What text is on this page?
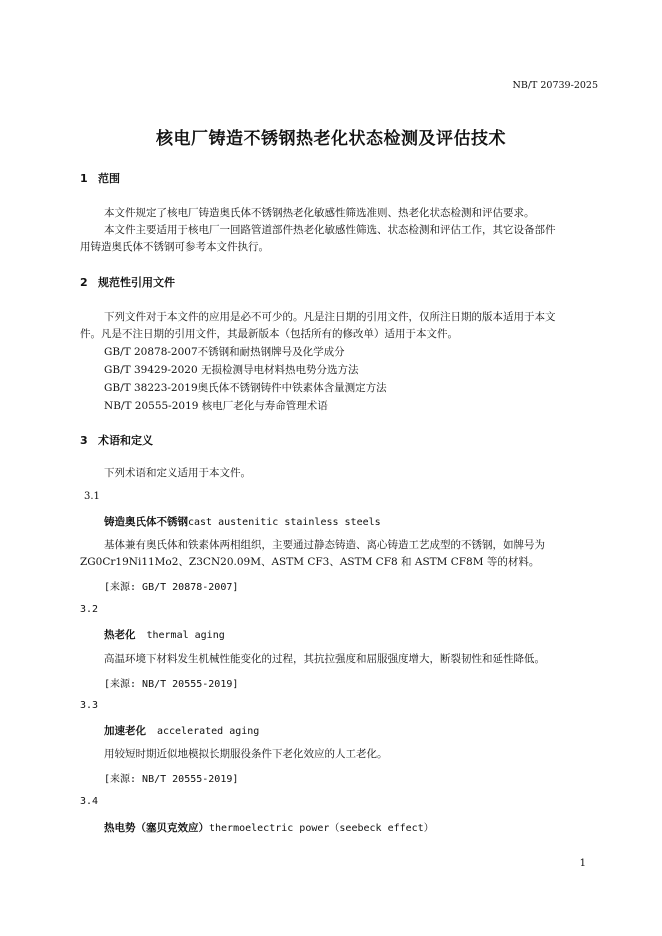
NB/T 20739-2025
核电厂铸造不锈钢热老化状态检测及评估技术
1 范围
本文件规定了核电厂铸造奥氏体不锈钢热老化敏感性筛选准则、热老化状态检测和评估要求。
本文件主要适用于核电厂一回路管道部件热老化敏感性筛选、状态检测和评估工作，其它设备部件
用铸造奥氏体不锈钢可参考本文件执行。
2 规范性引用文件
下列文件对于本文件的应用是必不可少的。凡是注日期的引用文件，仅所注日期的版本适用于本文
件。凡是不注日期的引用文件，其最新版本（包括所有的修改单）适用于本文件。
GB/T 20878-2007不锈钢和耐热钢牌号及化学成分
GB/T 39429-2020 无损检测导电材料热电势分选方法
GB/T 38223-2019奥氏体不锈钢铸件中铁素体含量测定方法
NB/T 20555-2019 核电厂老化与寿命管理术语
3 术语和定义
下列术语和定义适用于本文件。
3.1
铸造奥氏体不锈钢cast austenitic stainless steels
基体兼有奥氏体和铁素体两相组织，主要通过静态铸造、离心铸造工艺成型的不锈钢，如牌号为
ZG0Cr19Ni11Mo2、Z3CN20.09M、ASTM CF3、ASTM CF8 和 ASTM CF8M 等的材料。
[来源: GB/T 20878-2007]
3.2
热老化 thermal aging
高温环境下材料发生机械性能变化的过程，其抗拉强度和屈服强度增大，断裂韧性和延性降低。
[来源: NB/T 20555-2019]
3.3
加速老化 accelerated aging
用较短时期近似地模拟长期服役条件下老化效应的人工老化。
[来源: NB/T 20555-2019]
3.4
热电势（塞贝克效应）thermoelectric power（seebeck effect）
1
